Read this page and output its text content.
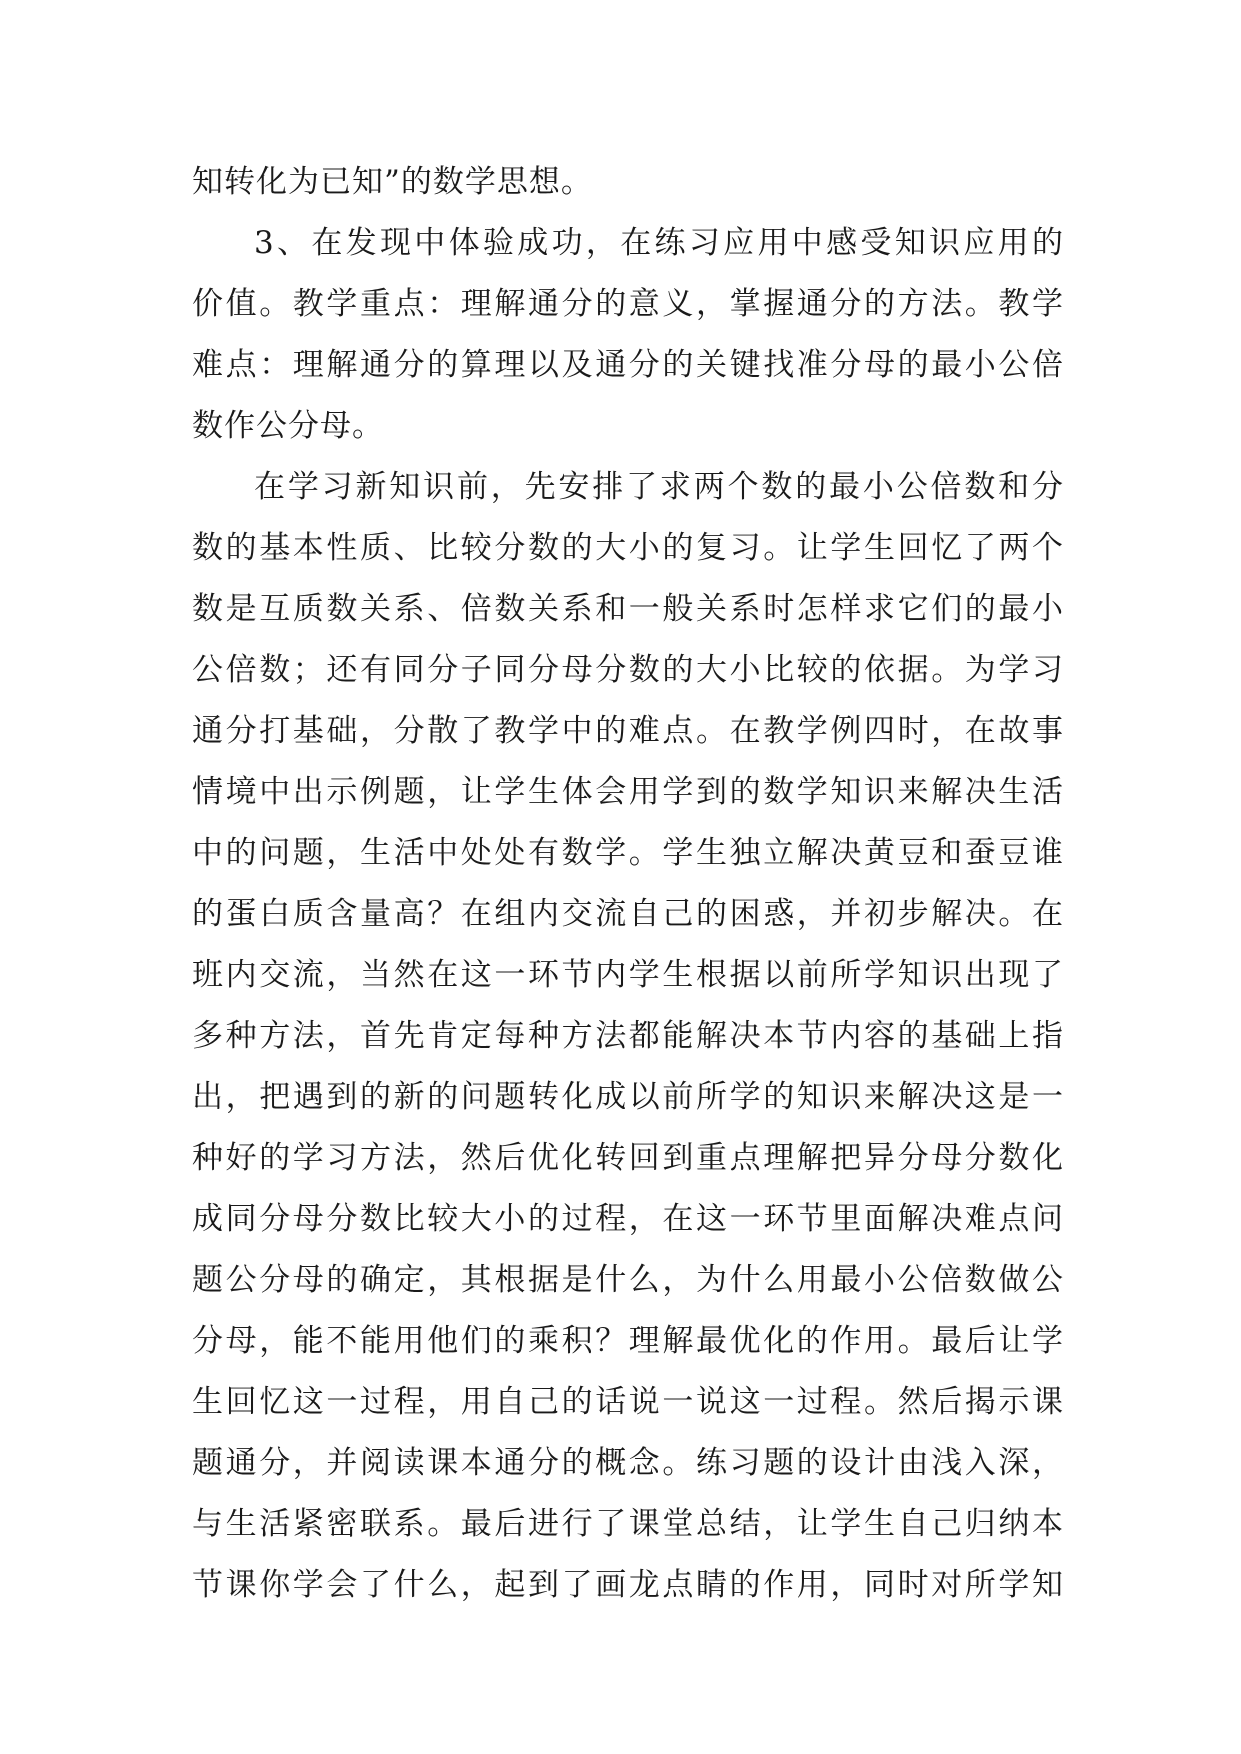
知转化为已知”的数学思想。
3、在发现中体验成功，在练习应用中感受知识应用的
价值。教学重点：理解通分的意义，掌握通分的方法。教学
难点：理解通分的算理以及通分的关键找准分母的最小公倍
数作公分母。
在学习新知识前，先安排了求两个数的最小公倍数和分
数的基本性质、比较分数的大小的复习。让学生回忆了两个
数是互质数关系、倍数关系和一般关系时怎样求它们的最小
公倍数；还有同分子同分母分数的大小比较的依据。为学习
通分打基础，分散了教学中的难点。在教学例四时，在故事
情境中出示例题，让学生体会用学到的数学知识来解决生活
中的问题，生活中处处有数学。学生独立解决黄豆和蚕豆谁
的蛋白质含量高？在组内交流自己的困惑，并初步解决。在
班内交流，当然在这一环节内学生根据以前所学知识出现了
多种方法，首先肯定每种方法都能解决本节内容的基础上指
出，把遇到的新的问题转化成以前所学的知识来解决这是一
种好的学习方法，然后优化转回到重点理解把异分母分数化
成同分母分数比较大小的过程，在这一环节里面解决难点问
题公分母的确定，其根据是什么，为什么用最小公倍数做公
分母，能不能用他们的乘积？理解最优化的作用。最后让学
生回忆这一过程，用自己的话说一说这一过程。然后揭示课
题通分，并阅读课本通分的概念。练习题的设计由浅入深，
与生活紧密联系。最后进行了课堂总结，让学生自己归纳本
节课你学会了什么，起到了画龙点睛的作用，同时对所学知
